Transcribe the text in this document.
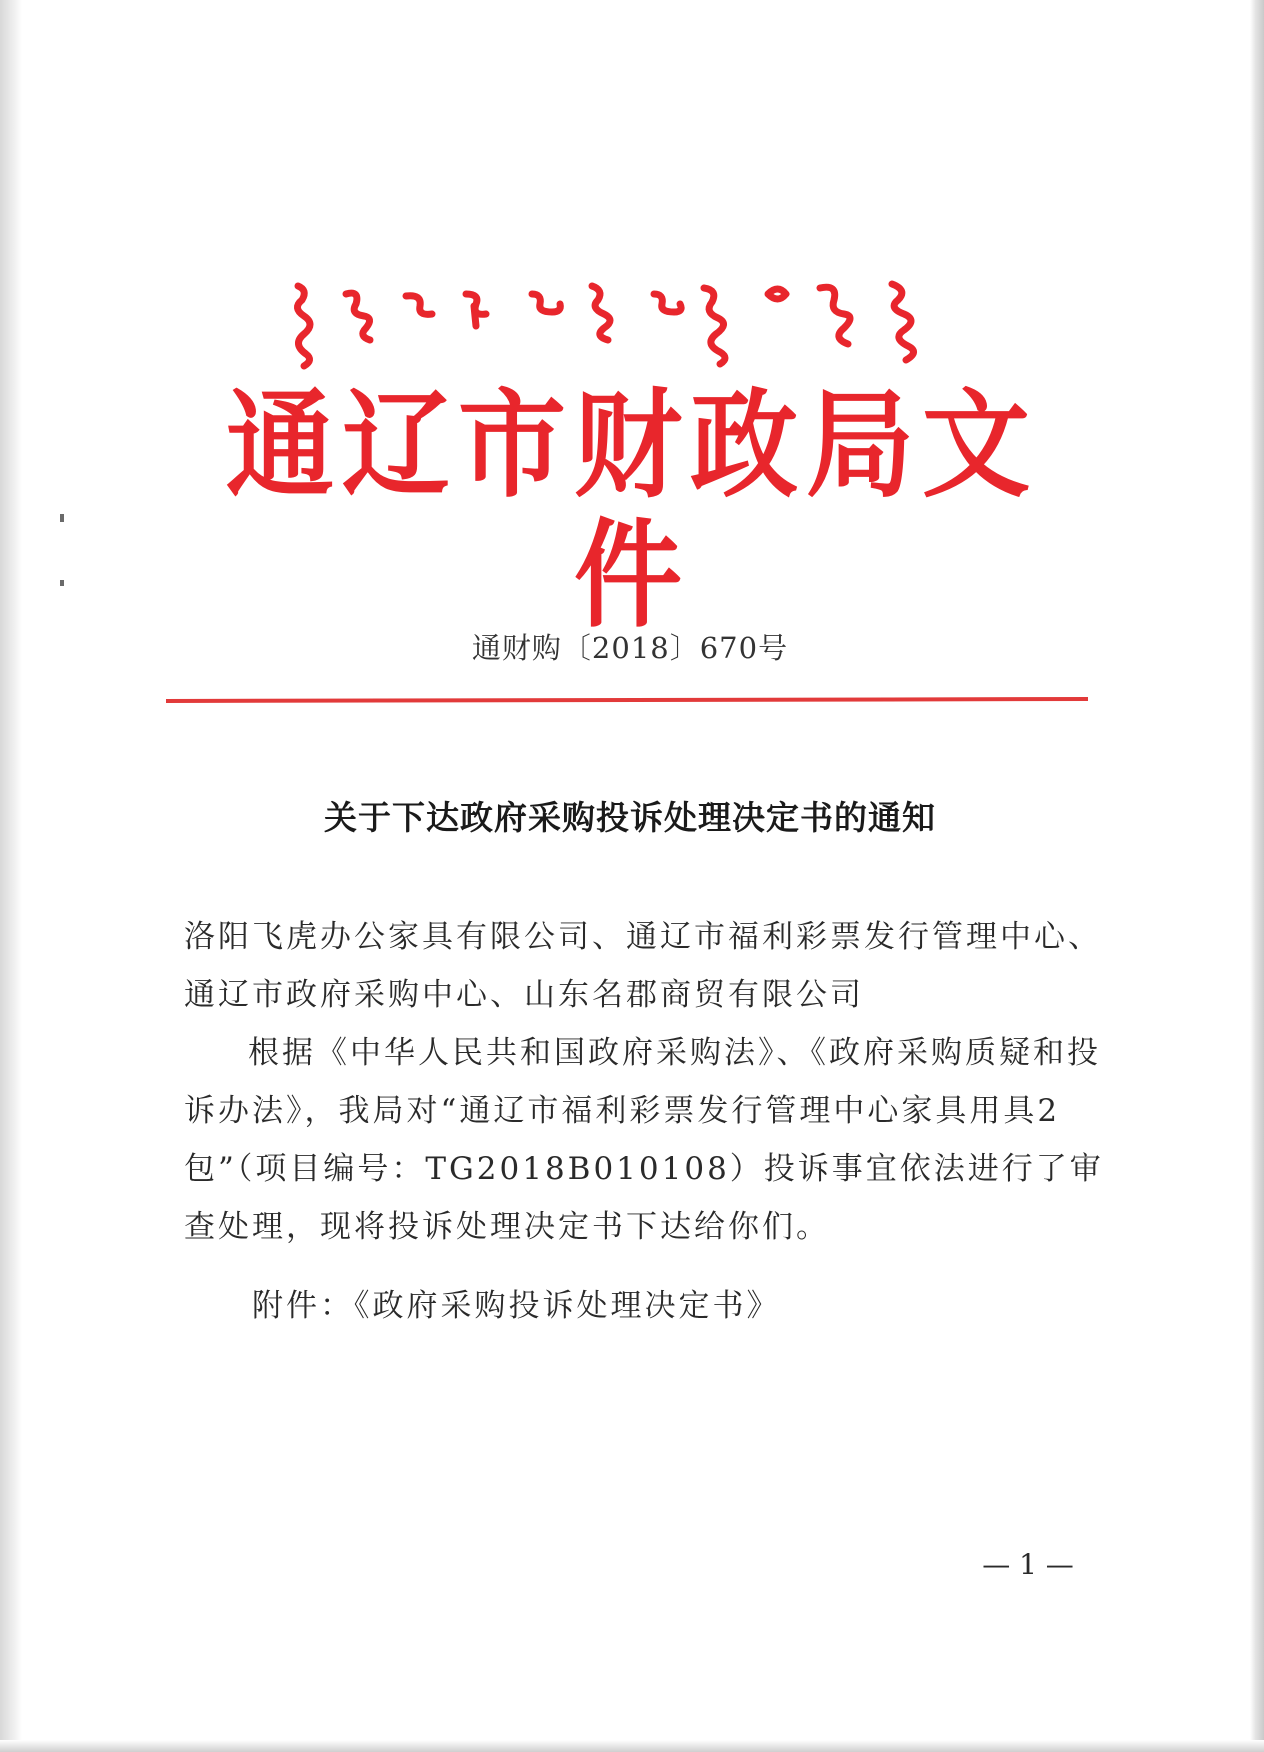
通辽市财政局文件
通财购〔2018〕670号
关于下达政府采购投诉处理决定书的通知
洛阳飞虎办公家具有限公司、通辽市福利彩票发行管理中心、通辽市政府采购中心、山东名郡商贸有限公司
根据《中华人民共和国政府采购法》、《政府采购质疑和投诉办法》，我局对“通辽市福利彩票发行管理中心家具用具2包”（项目编号：TG2018B010108）投诉事宜依法进行了审查处理，现将投诉处理决定书下达给你们。
附件：《政府采购投诉处理决定书》
— 1 —
